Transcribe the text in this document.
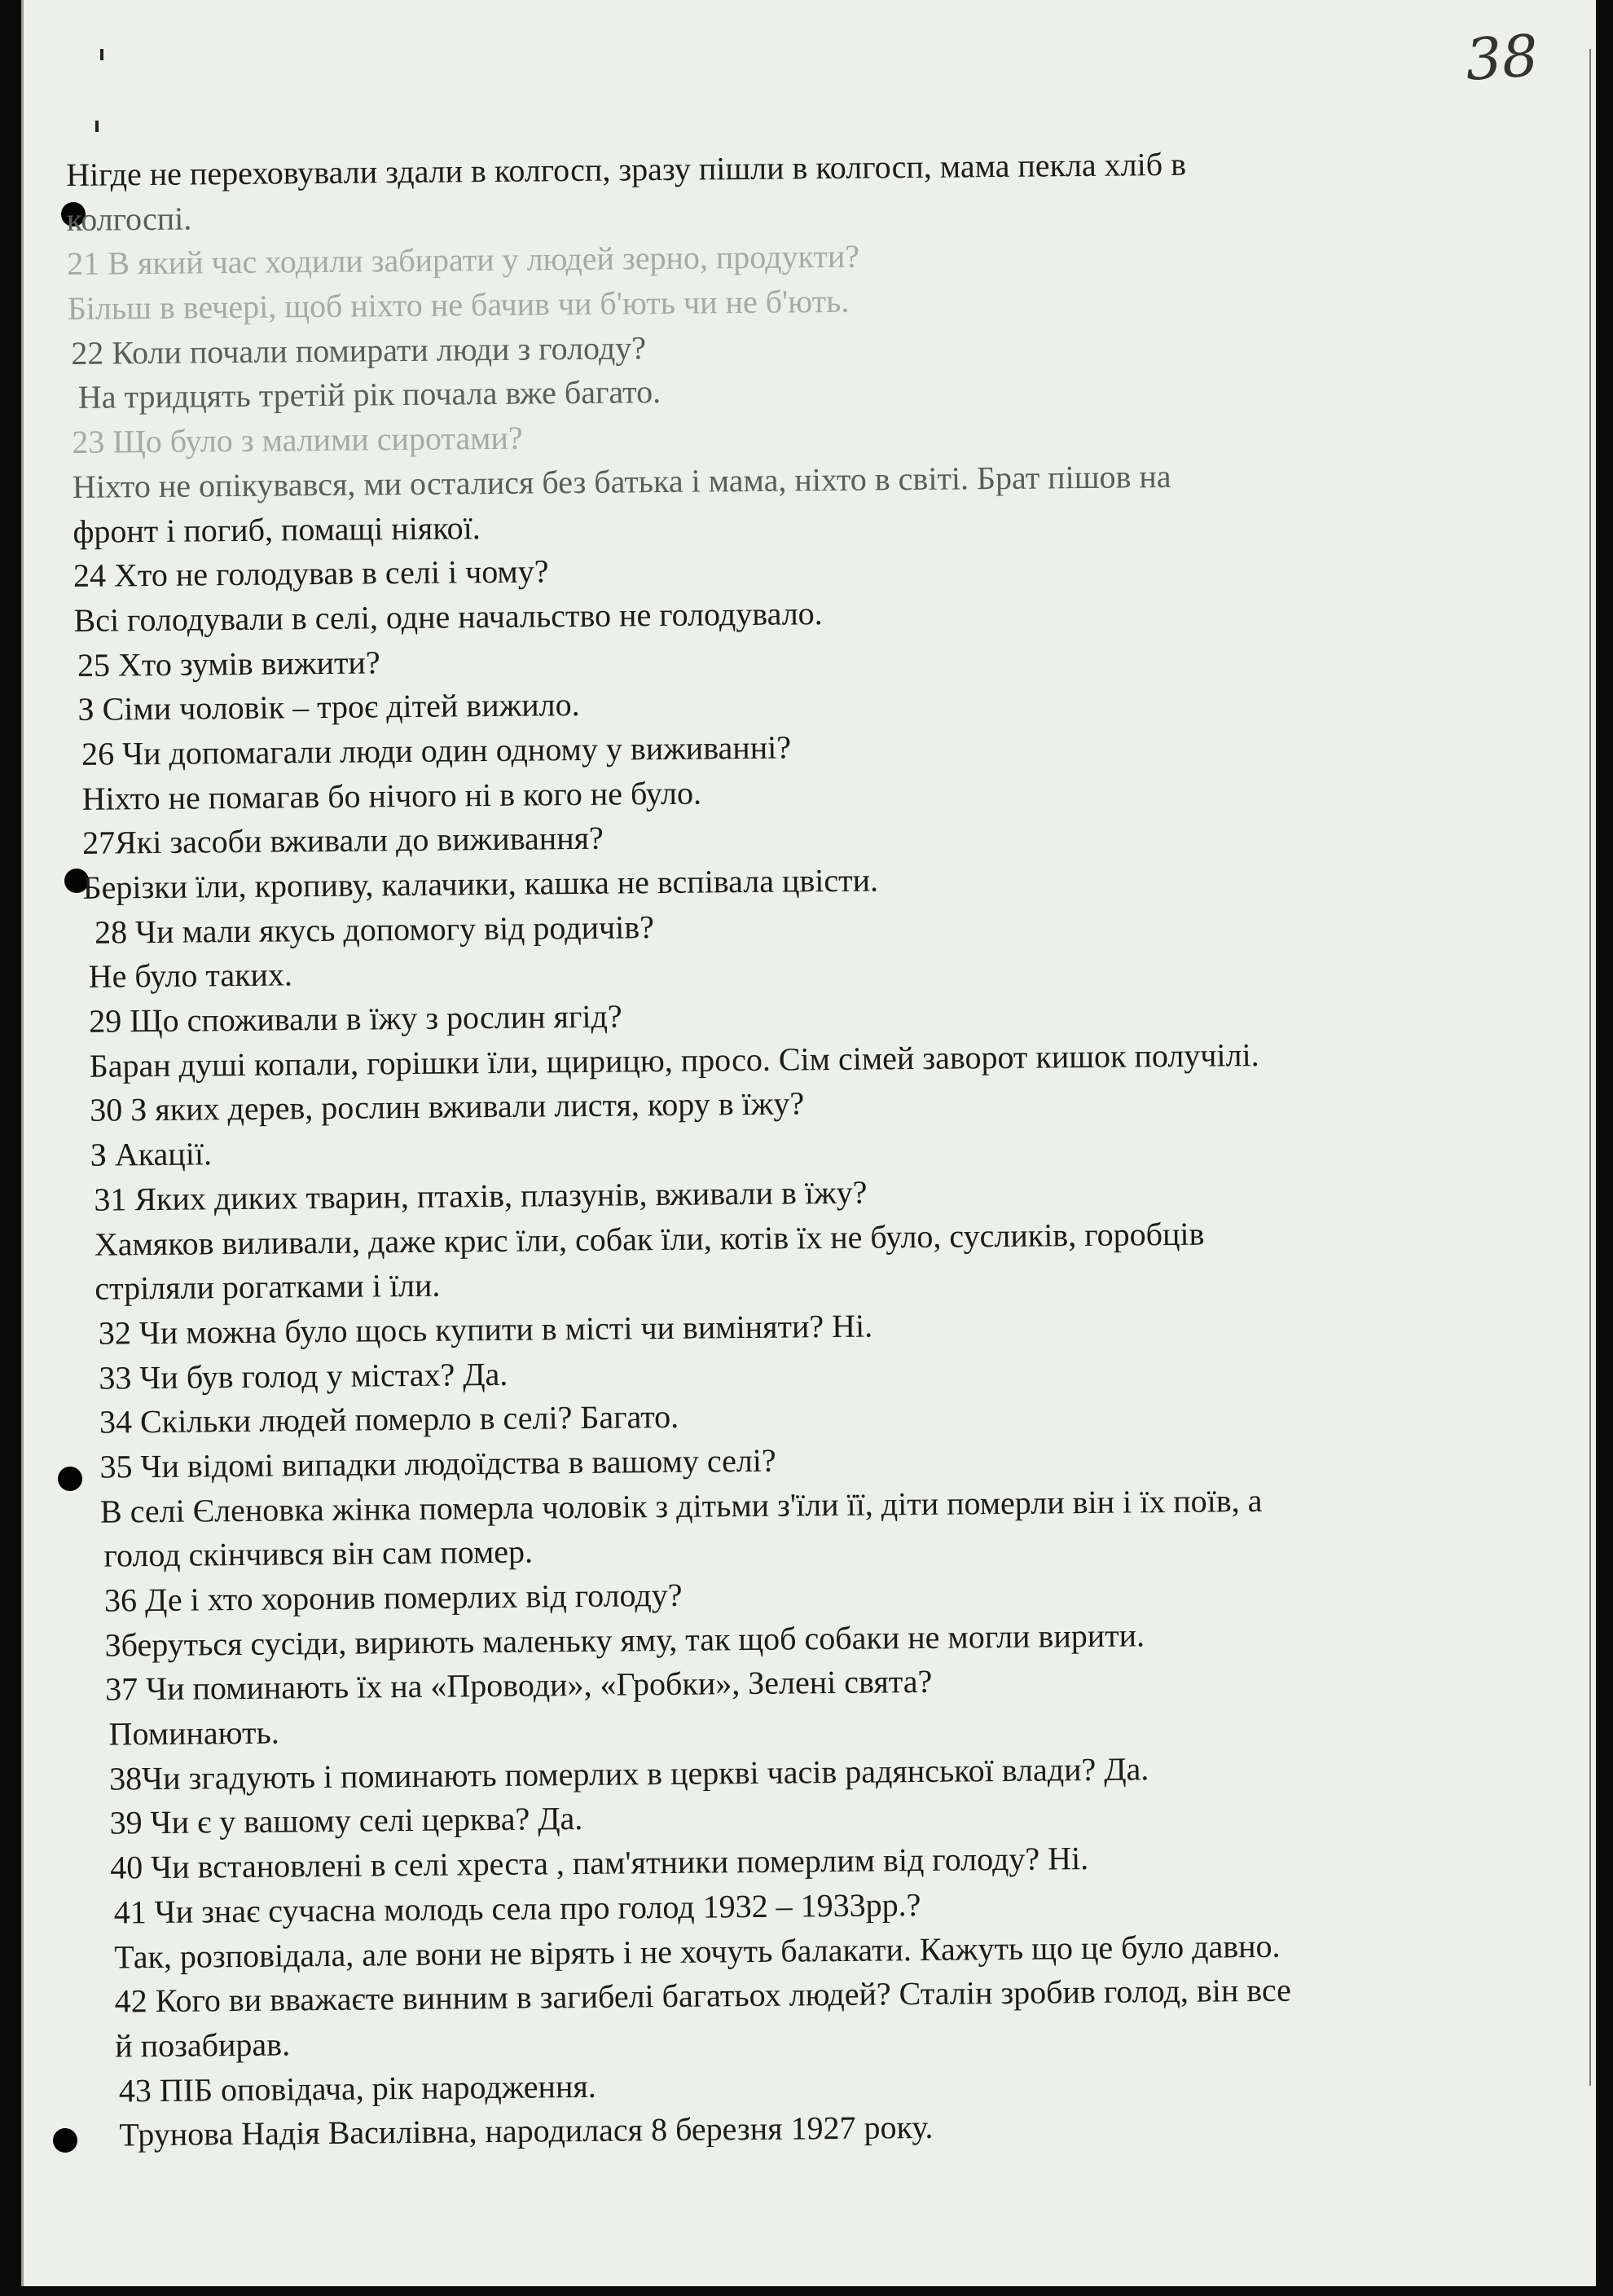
38
Нігде не переховували здали в колгосп, зразу пішли в колгосп, мама пекла хліб в
колгоспі.
21 В який час ходили забирати у людей зерно, продукти?
Більш в вечері, щоб ніхто не бачив чи б'ють чи не б'ють.
22 Коли почали помирати люди з голоду?
На тридцять третій рік почала вже багато.
23 Що було з малими сиротами?
Ніхто не опікувався, ми осталися без батька і мама, ніхто в світі. Брат пішов на
фронт і погиб, помащі ніякої.
24 Хто не голодував в селі і чому?
Всі голодували в селі, одне начальство не голодувало.
25 Хто зумів вижити?
З Сіми чоловік – троє дітей вижило.
26 Чи допомагали люди один одному у виживанні?
Ніхто не помагав бо нічого ні в кого не було.
27Які засоби вживали до виживання?
Берізки їли, кропиву, калачики, кашка не вспівала цвісти.
28 Чи мали якусь допомогу від родичів?
Не було таких.
29 Що споживали в їжу з рослин ягід?
Баран душі копали, горішки їли, щирицю, просо. Сім сімей заворот кишок получілі.
30 З яких дерев, рослин вживали листя, кору в їжу?
З Акації.
31 Яких диких тварин, птахів, плазунів, вживали в їжу?
Хамяков виливали, даже крис їли, собак їли, котів їх не було, сусликів, горобців
стріляли рогатками і їли.
32 Чи можна було щось купити в місті чи виміняти? Ні.
33 Чи був голод у містах? Да.
34 Скільки людей померло в селі? Багато.
35 Чи відомі випадки людоїдства в вашому селі?
В селі Єленовка жінка померла чоловік з дітьми з'їли її, діти померли він і їх поїв, а
голод скінчився він сам помер.
36 Де і хто хоронив померлих від голоду?
Зберуться сусіди, вириють маленьку яму, так щоб собаки не могли вирити.
37 Чи поминають їх на «Проводи», «Гробки», Зелені свята?
Поминають.
38Чи згадують і поминають померлих в церкві часів радянської влади? Да.
39 Чи є у вашому селі церква? Да.
40 Чи встановлені в селі хреста , пам'ятники померлим від голоду? Ні.
41 Чи знає сучасна молодь села про голод 1932 – 1933рр.?
Так, розповідала, але вони не вірять і не хочуть балакати. Кажуть що це було давно.
42 Кого ви вважаєте винним в загибелі багатьох людей? Сталін зробив голод, він все
й позабирав.
43 ПІБ оповідача, рік народження.
Трунова Надія Василівна, народилася 8 березня 1927 року.
